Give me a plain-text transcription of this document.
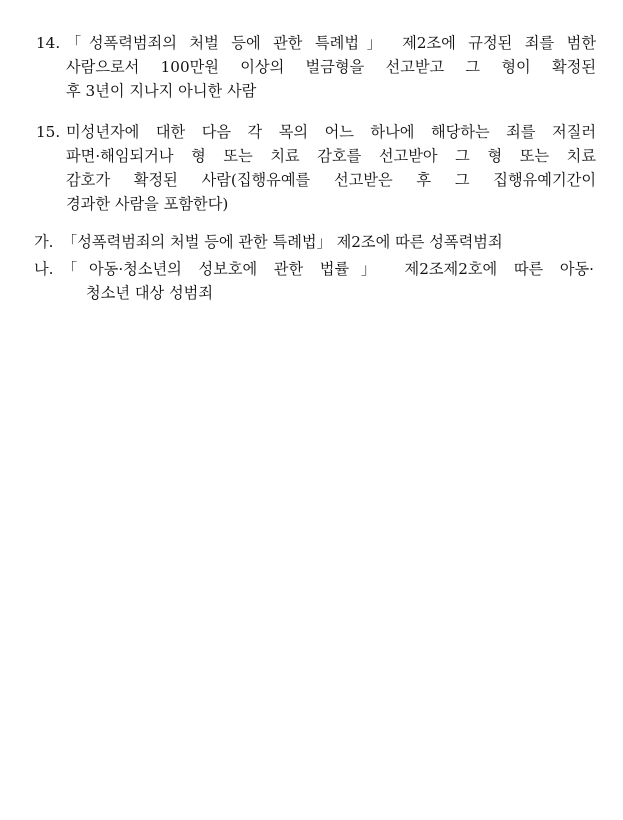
14. 「성폭력범죄의 처벌 등에 관한 특례법」 제2조에 규정된 죄를 범한
사람으로서 100만원 이상의 벌금형을 선고받고 그 형이 확정된
후 3년이 지나지 아니한 사람
15. 미성년자에 대한 다음 각 목의 어느 하나에 해당하는 죄를 저질러
파면·해임되거나 형 또는 치료 감호를 선고받아 그 형 또는 치료
감호가 확정된 사람(집행유예를 선고받은 후 그 집행유예기간이
경과한 사람을 포함한다)
가. 「성폭력범죄의 처벌 등에 관한 특례법」 제2조에 따른 성폭력범죄
나. 「아동·청소년의 성보호에 관한 법률」 제2조제2호에 따른 아동·
청소년 대상 성범죄
